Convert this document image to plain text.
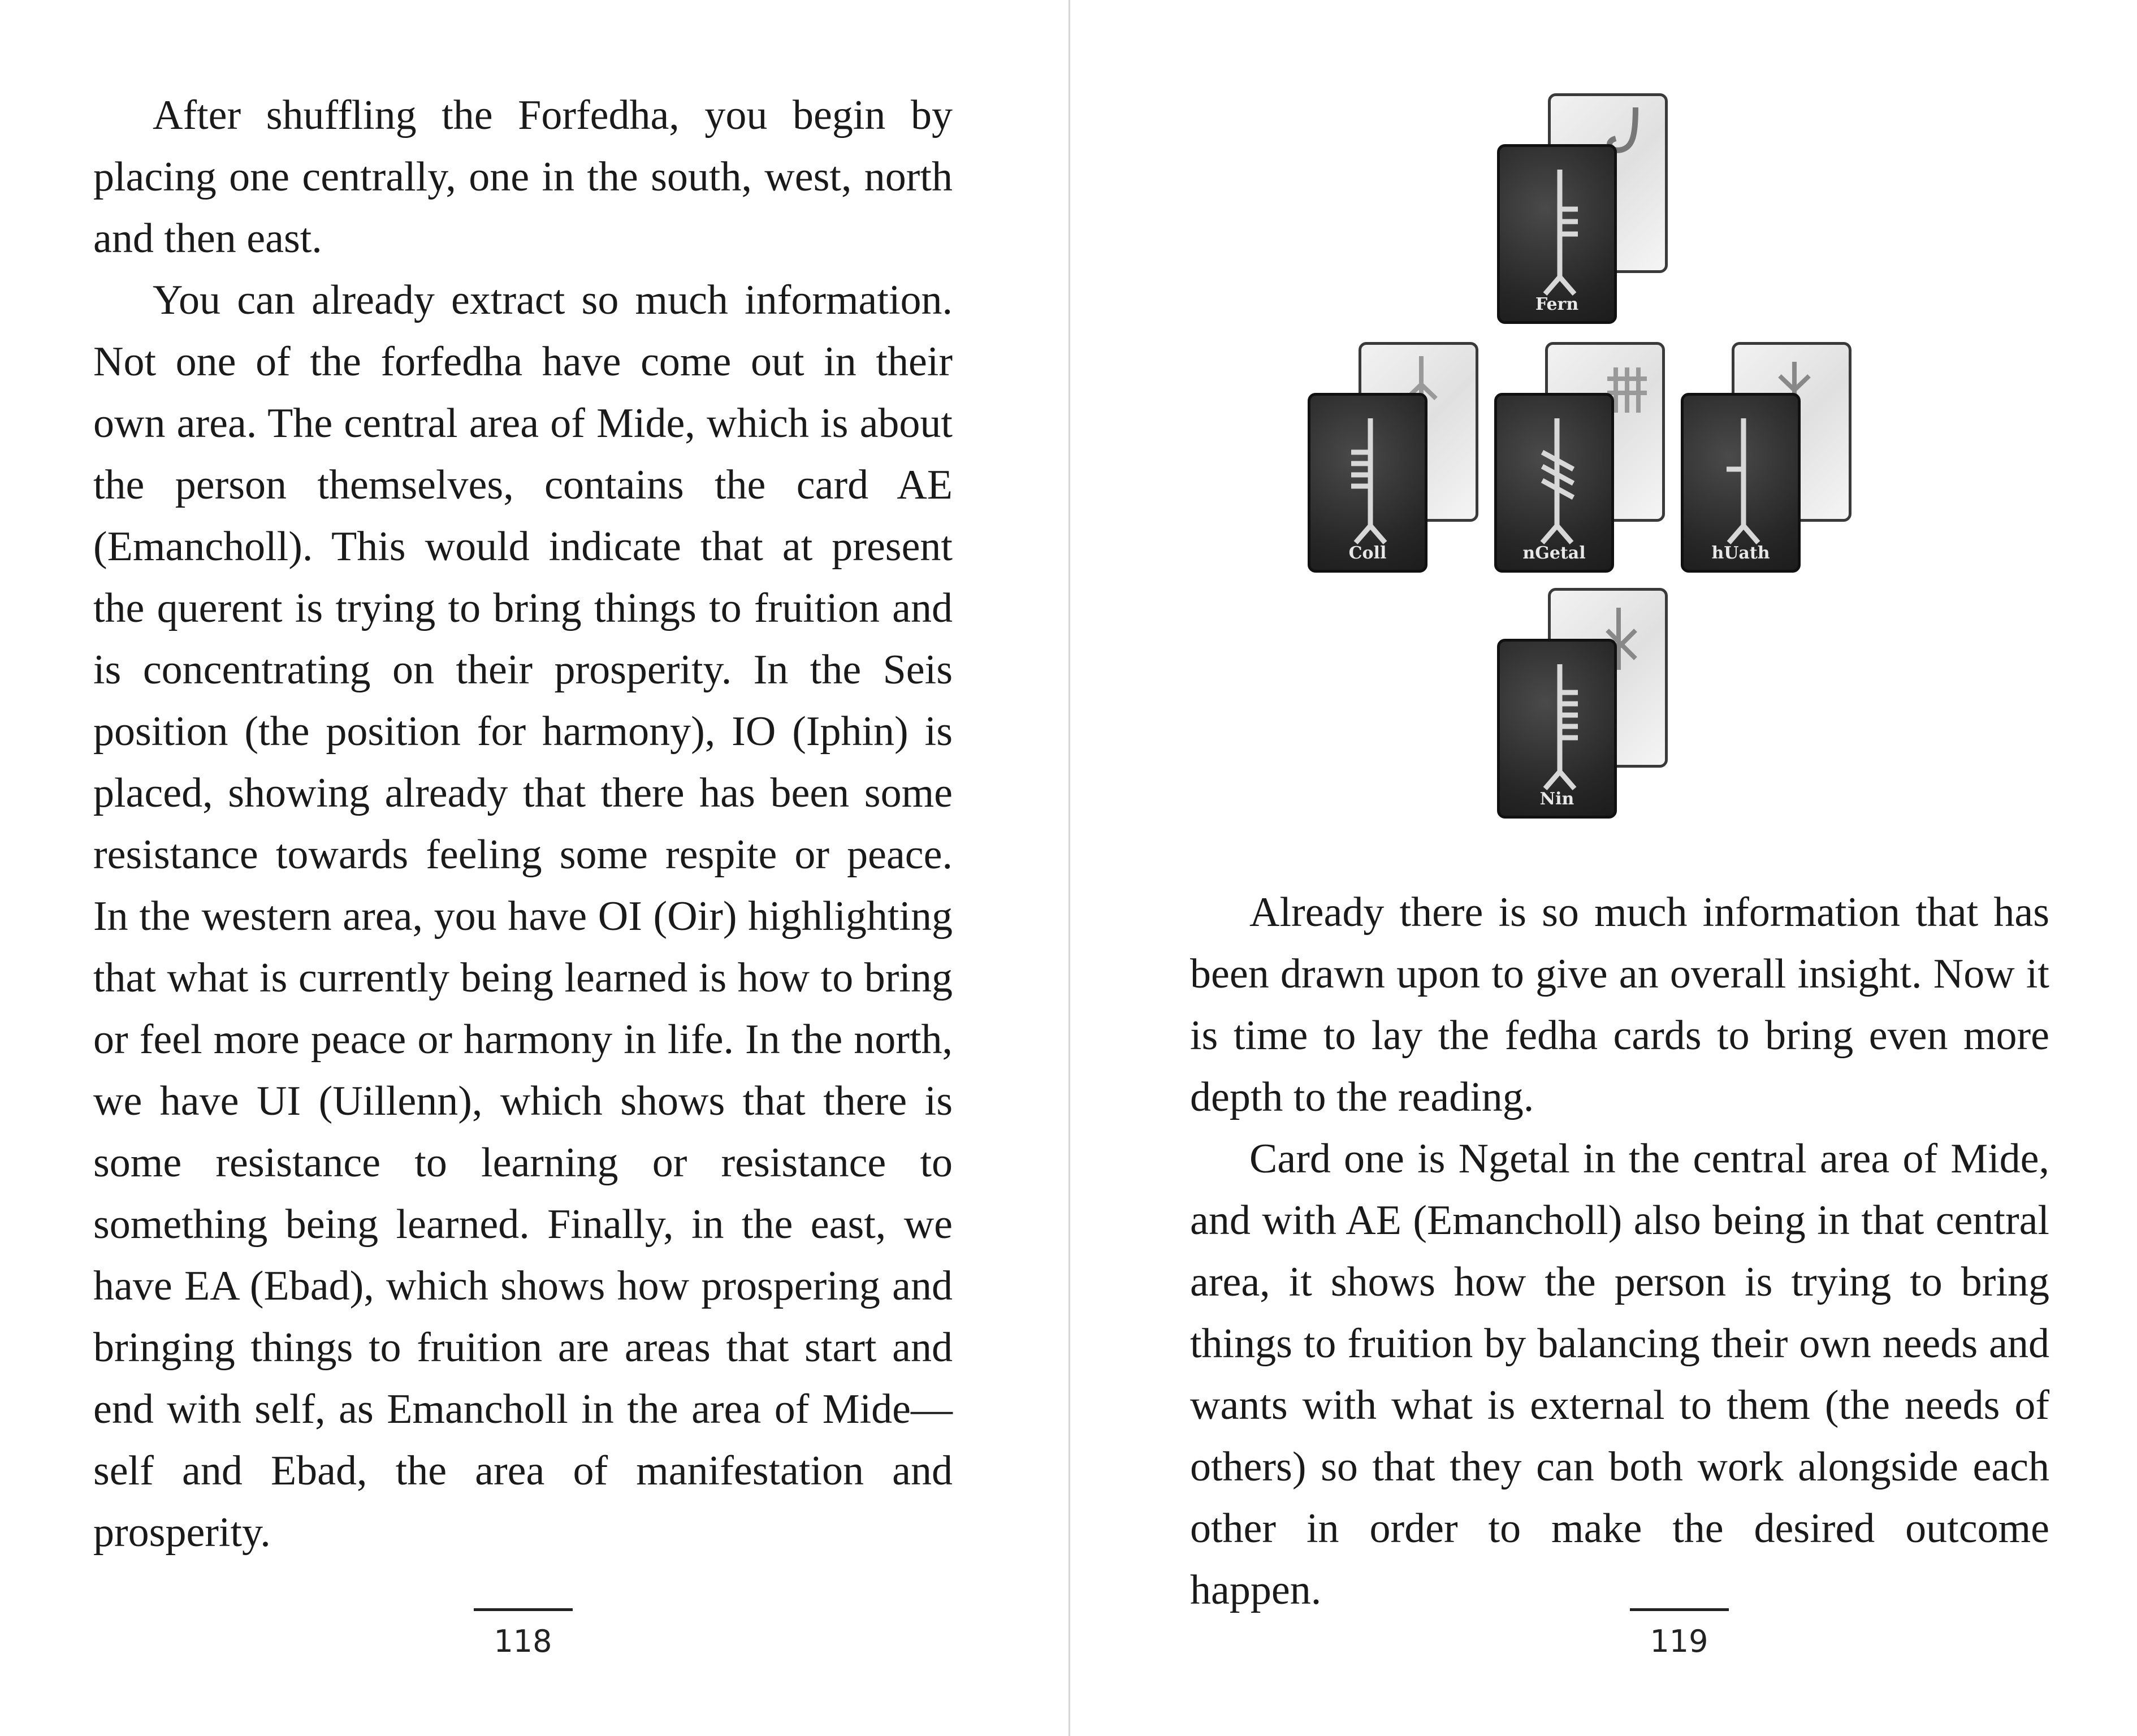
After shuffling the Forfedha, you begin by placing one centrally, one in the south, west, north and then east.

You can already extract so much information. Not one of the forfedha have come out in their own area. The central area of Mide, which is about the person themselves, contains the card AE (Emancholl). This would indicate that at present the querent is trying to bring things to fruition and is concentrating on their prosperity. In the Seis position (the position for harmony), IO (Iphin) is placed, showing already that there has been some resistance towards feeling some respite or peace. In the western area, you have OI (Oir) highlighting that what is currently being learned is how to bring or feel more peace or harmony in life. In the north, we have UI (Uillenn), which shows that there is some resistance to learning or resistance to something being learned. Finally, in the east, we have EA (Ebad), which shows how prospering and bringing things to fruition are areas that start and end with self, as Emancholl in the area of Mide—self and Ebad, the area of manifestation and prosperity.

118
Fern
Coll	nGetal	hUath
Nin

Already there is so much information that has been drawn upon to give an overall insight. Now it is time to lay the fedha cards to bring even more depth to the reading.

Card one is Ngetal in the central area of Mide, and with AE (Emancholl) also being in that central area, it shows how the person is trying to bring things to fruition by balancing their own needs and wants with what is external to them (the needs of others) so that they can both work alongside each other in order to make the desired outcome happen.

119
